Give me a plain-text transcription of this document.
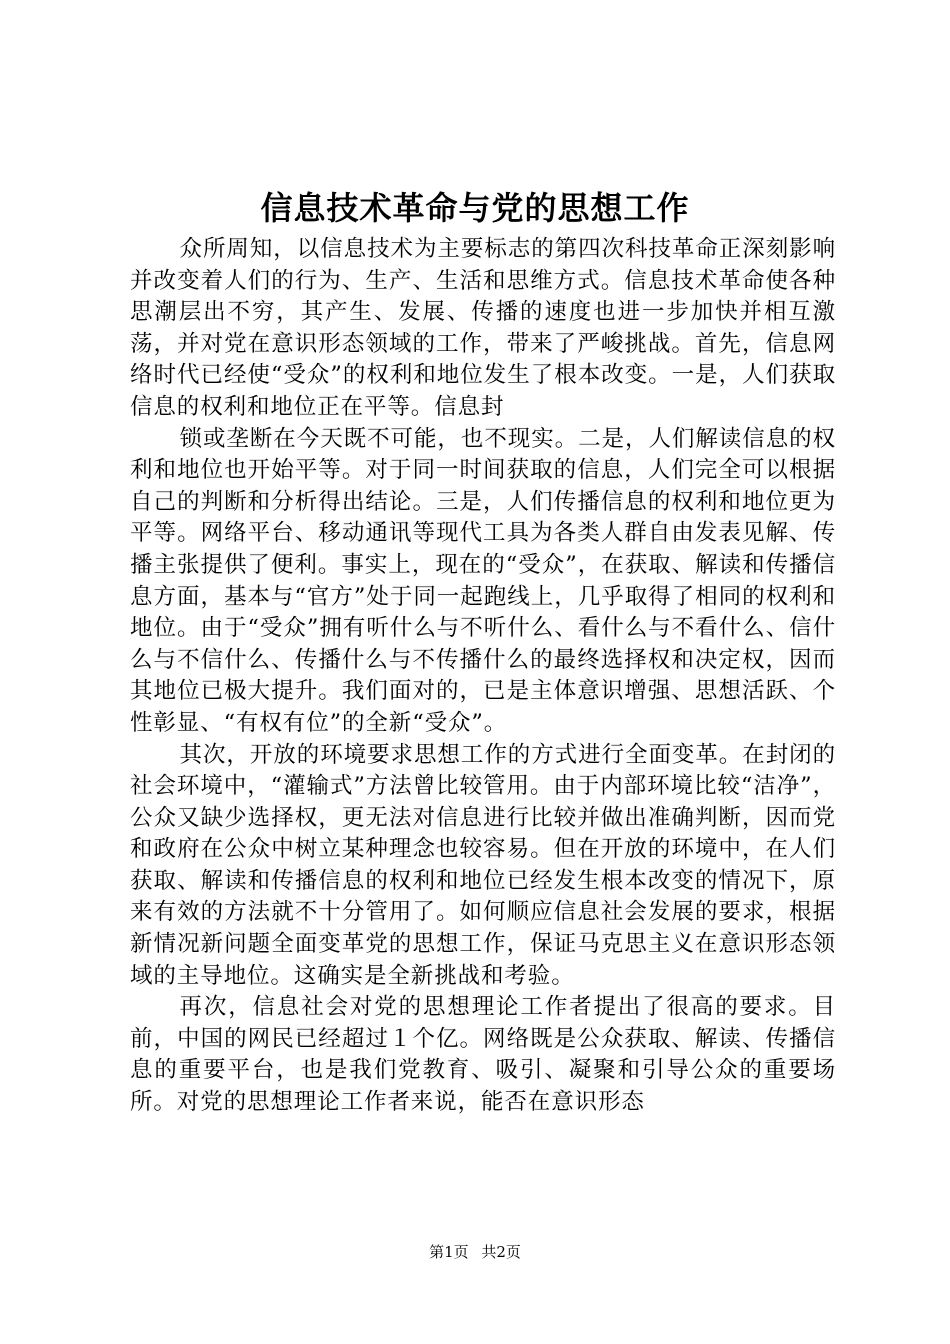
信息技术革命与党的思想工作

众所周知，以信息技术为主要标志的第四次科技革命正深刻影响并改变着人们的行为、生产、生活和思维方式。信息技术革命使各种思潮层出不穷，其产生、发展、传播的速度也进一步加快并相互激荡，并对党在意识形态领域的工作，带来了严峻挑战。首先，信息网络时代已经使“受众”的权利和地位发生了根本改变。一是，人们获取信息的权利和地位正在平等。信息封

锁或垄断在今天既不可能，也不现实。二是，人们解读信息的权利和地位也开始平等。对于同一时间获取的信息，人们完全可以根据自己的判断和分析得出结论。三是，人们传播信息的权利和地位更为平等。网络平台、移动通讯等现代工具为各类人群自由发表见解、传播主张提供了便利。事实上，现在的“受众”，在获取、解读和传播信息方面，基本与“官方”处于同一起跑线上，几乎取得了相同的权利和地位。由于“受众”拥有听什么与不听什么、看什么与不看什么、信什么与不信什么、传播什么与不传播什么的最终选择权和决定权，因而其地位已极大提升。我们面对的，已是主体意识增强、思想活跃、个性彰显、“有权有位”的全新“受众”。

其次，开放的环境要求思想工作的方式进行全面变革。在封闭的社会环境中，“灌输式”方法曾比较管用。由于内部环境比较“洁净”，公众又缺少选择权，更无法对信息进行比较并做出准确判断，因而党和政府在公众中树立某种理念也较容易。但在开放的环境中，在人们获取、解读和传播信息的权利和地位已经发生根本改变的情况下，原来有效的方法就不十分管用了。如何顺应信息社会发展的要求，根据新情况新问题全面变革党的思想工作，保证马克思主义在意识形态领域的主导地位。这确实是全新挑战和考验。

再次，信息社会对党的思想理论工作者提出了很高的要求。目前，中国的网民已经超过１个亿。网络既是公众获取、解读、传播信息的重要平台，也是我们党教育、吸引、凝聚和引导公众的重要场所。对党的思想理论工作者来说，能否在意识形态

第1页 共2页
